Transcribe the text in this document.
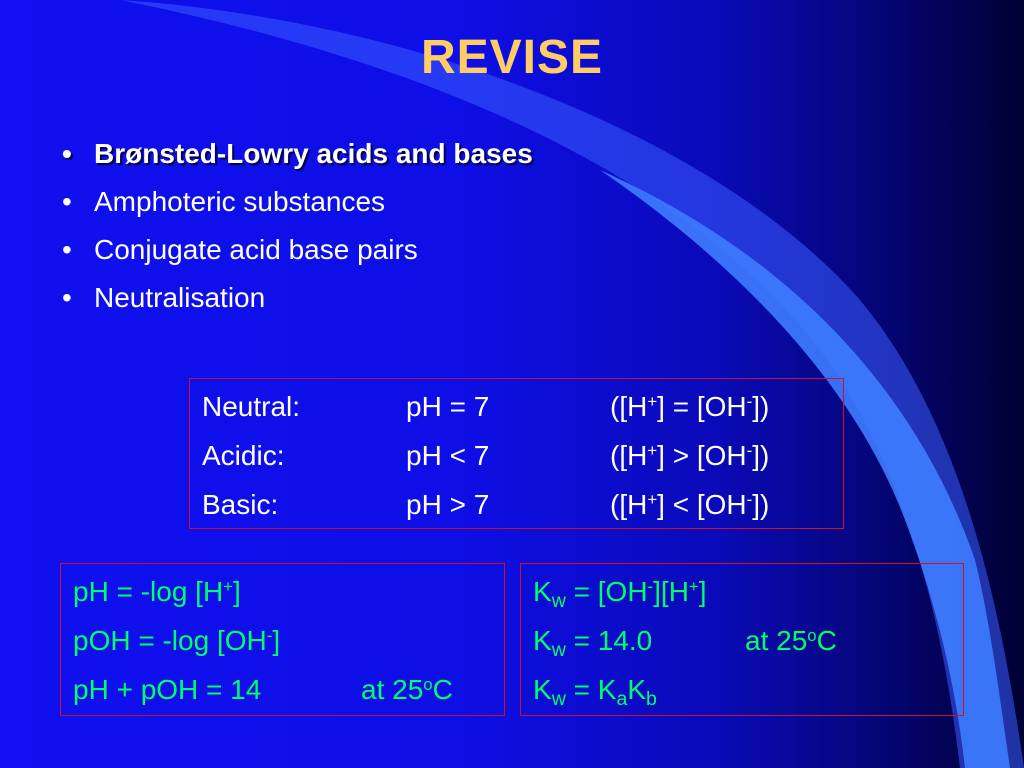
REVISE
• Brønsted-Lowry acids and bases
• Amphoteric substances
• Conjugate acid base pairs
• Neutralisation
Neutral:	pH = 7	([H+] = [OH-])
Acidic:	pH < 7	([H+] > [OH-])
Basic:	pH > 7	([H+] < [OH-])
pH = -log [H+]
pOH = -log [OH-]
pH + pOH = 14	at 25$^o$C
$K_w = [OH^-][H^+]$
$K_w = 14.0$	at 25$^o$C
$K_w = K_aK_b$
